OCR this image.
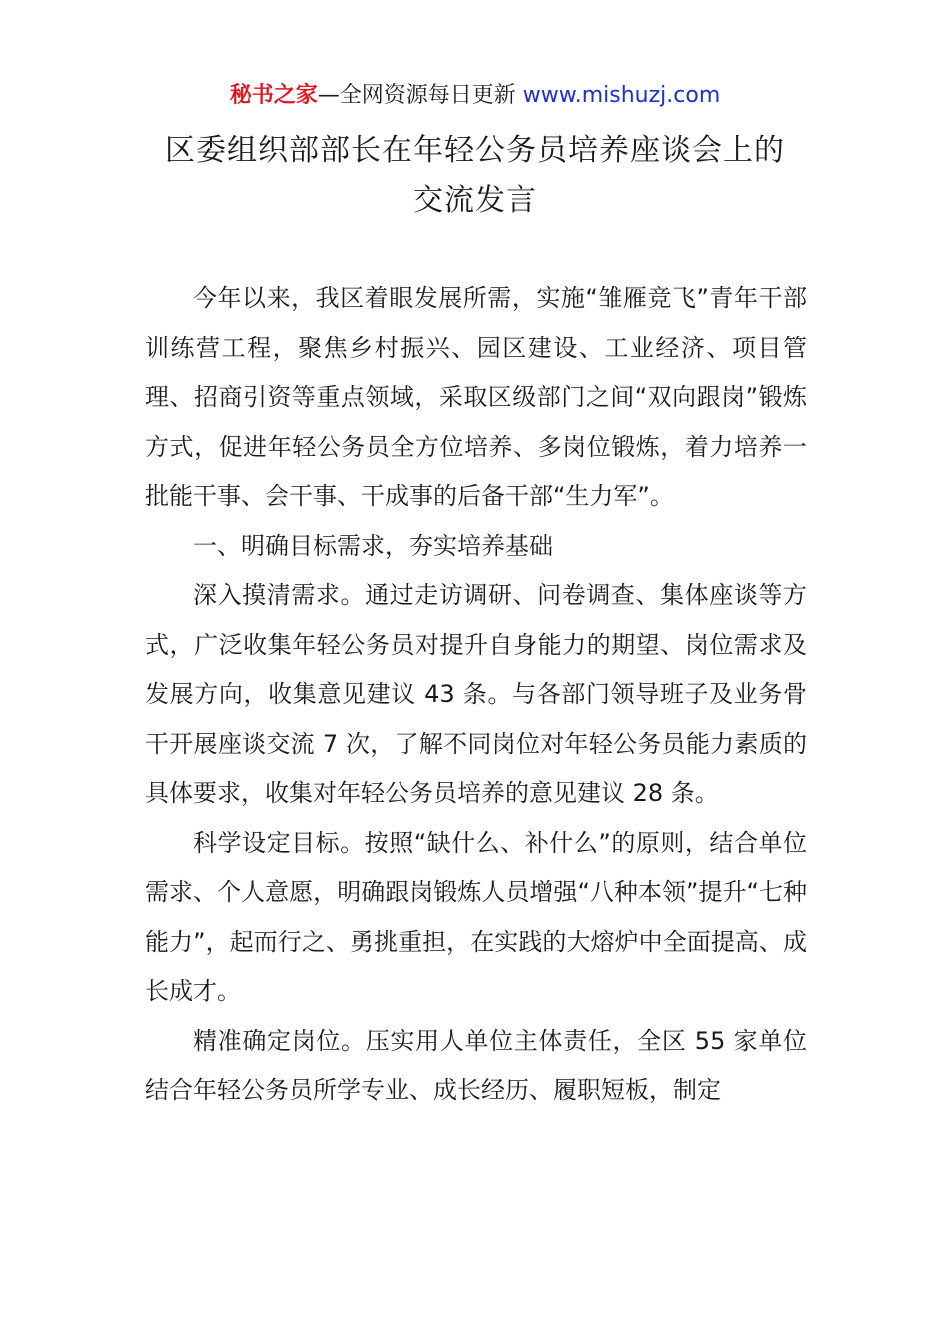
秘书之家—全网资源每日更新 www.mishuzj.com
区委组织部部长在年轻公务员培养座谈会上的
交流发言

今年以来，我区着眼发展所需，实施“雏雁竞飞”青年干部训练营工程，聚焦乡村振兴、园区建设、工业经济、项目管理、招商引资等重点领域，采取区级部门之间“双向跟岗”锻炼方式，促进年轻公务员全方位培养、多岗位锻炼，着力培养一批能干事、会干事、干成事的后备干部“生力军”。

一、明确目标需求，夯实培养基础

深入摸清需求。通过走访调研、问卷调查、集体座谈等方式，广泛收集年轻公务员对提升自身能力的期望、岗位需求及发展方向，收集意见建议 43 条。与各部门领导班子及业务骨干开展座谈交流 7 次，了解不同岗位对年轻公务员能力素质的具体要求，收集对年轻公务员培养的意见建议 28 条。

科学设定目标。按照“缺什么、补什么”的原则，结合单位需求、个人意愿，明确跟岗锻炼人员增强“八种本领”提升“七种能力”，起而行之、勇挑重担，在实践的大熔炉中全面提高、成长成才。

精准确定岗位。压实用人单位主体责任，全区 55 家单位结合年轻公务员所学专业、成长经历、履职短板，制定
